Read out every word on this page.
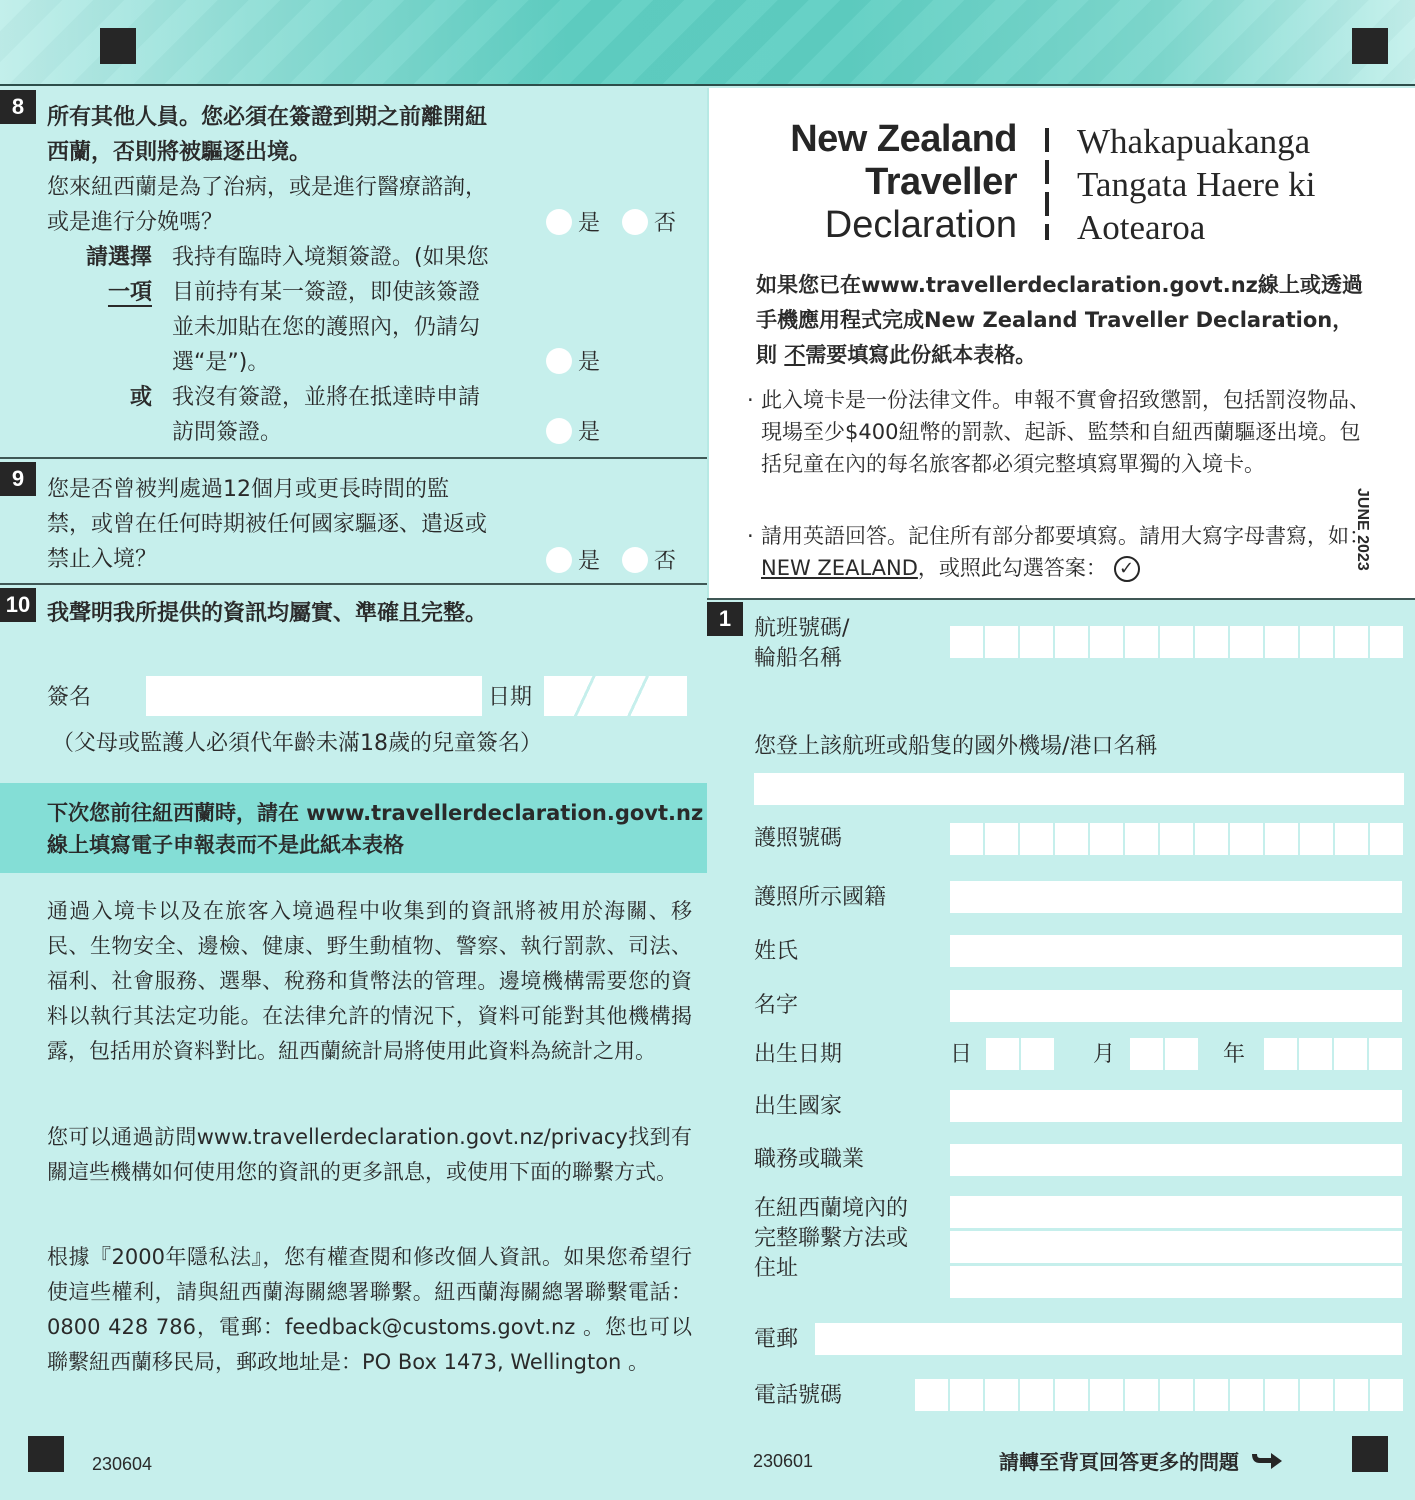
8	所有其他人員。您必須在簽證到期之前離開紐
西蘭，否則將被驅逐出境。
您來紐西蘭是為了治病，或是進行醫療諮詢，
或是進行分娩嗎？	是 否
請選擇
一項
我持有臨時入境類簽證。(如果您
目前持有某一簽證，即使該簽證
並未加貼在您的護照內，仍請勾
選“是”)。	是
或 我沒有簽證，並將在抵達時申請
訪問簽證。	是
9	您是否曾被判處過12個月或更長時間的監
禁，或曾在任何時期被任何國家驅逐、遣返或
禁止入境？	是 否
10 我聲明我所提供的資訊均屬實、準確且完整。
簽名	日期
（父母或監護人必須代年齡未滿18歲的兒童簽名）
下次您前往紐西蘭時，請在 www.travellerdeclaration.govt.nz
線上填寫電子申報表而不是此紙本表格
通過入境卡以及在旅客入境過程中收集到的資訊將被用於海關、移民、生物安全、邊檢、健康、野生動植物、警察、執行罰款、司法、福利、社會服務、選舉、稅務和貨幣法的管理。邊境機構需要您的資料以執行其法定功能。在法律允許的情況下，資料可能對其他機構揭露，包括用於資料對比。紐西蘭統計局將使用此資料為統計之用。
您可以通過訪問www.travellerdeclaration.govt.nz/privacy找到有關這些機構如何使用您的資訊的更多訊息，或使用下面的聯繫方式。
根據『2000年隱私法』，您有權查閱和修改個人資訊。如果您希望行使這些權利，請與紐西蘭海關總署聯繫。紐西蘭海關總署聯繫電話：0800 428 786，電郵：feedback@customs.govt.nz 。您也可以聯繫紐西蘭移民局，郵政地址是：PO Box 1473, Wellington 。
230604
New Zealand
Traveller
Declaration
Whakapuakanga
Tangata Haere ki
Aotearoa
如果您已在www.travellerdeclaration.govt.nz線上或透過手機應用程式完成New Zealand Traveller Declaration，則 不需要填寫此份紙本表格。
· 此入境卡是一份法律文件。申報不實會招致懲罰，包括罰沒物品、現場至少$400紐幣的罰款、起訴、監禁和自紐西蘭驅逐出境。包括兒童在內的每名旅客都必須完整填寫單獨的入境卡。
· 請用英語回答。記住所有部分都要填寫。請用大寫字母書寫，如：NEW ZEALAND，或照此勾選答案： ✓	JUNE 2023
1	航班號碼/
輪船名稱
您登上該航班或船隻的國外機場/港口名稱
護照號碼
護照所示國籍
姓氏
名字
出生日期	日	月	年
出生國家
職務或職業
在紐西蘭境內的
完整聯繫方法或
住址
電郵
電話號碼
230601	請轉至背頁回答更多的問題
